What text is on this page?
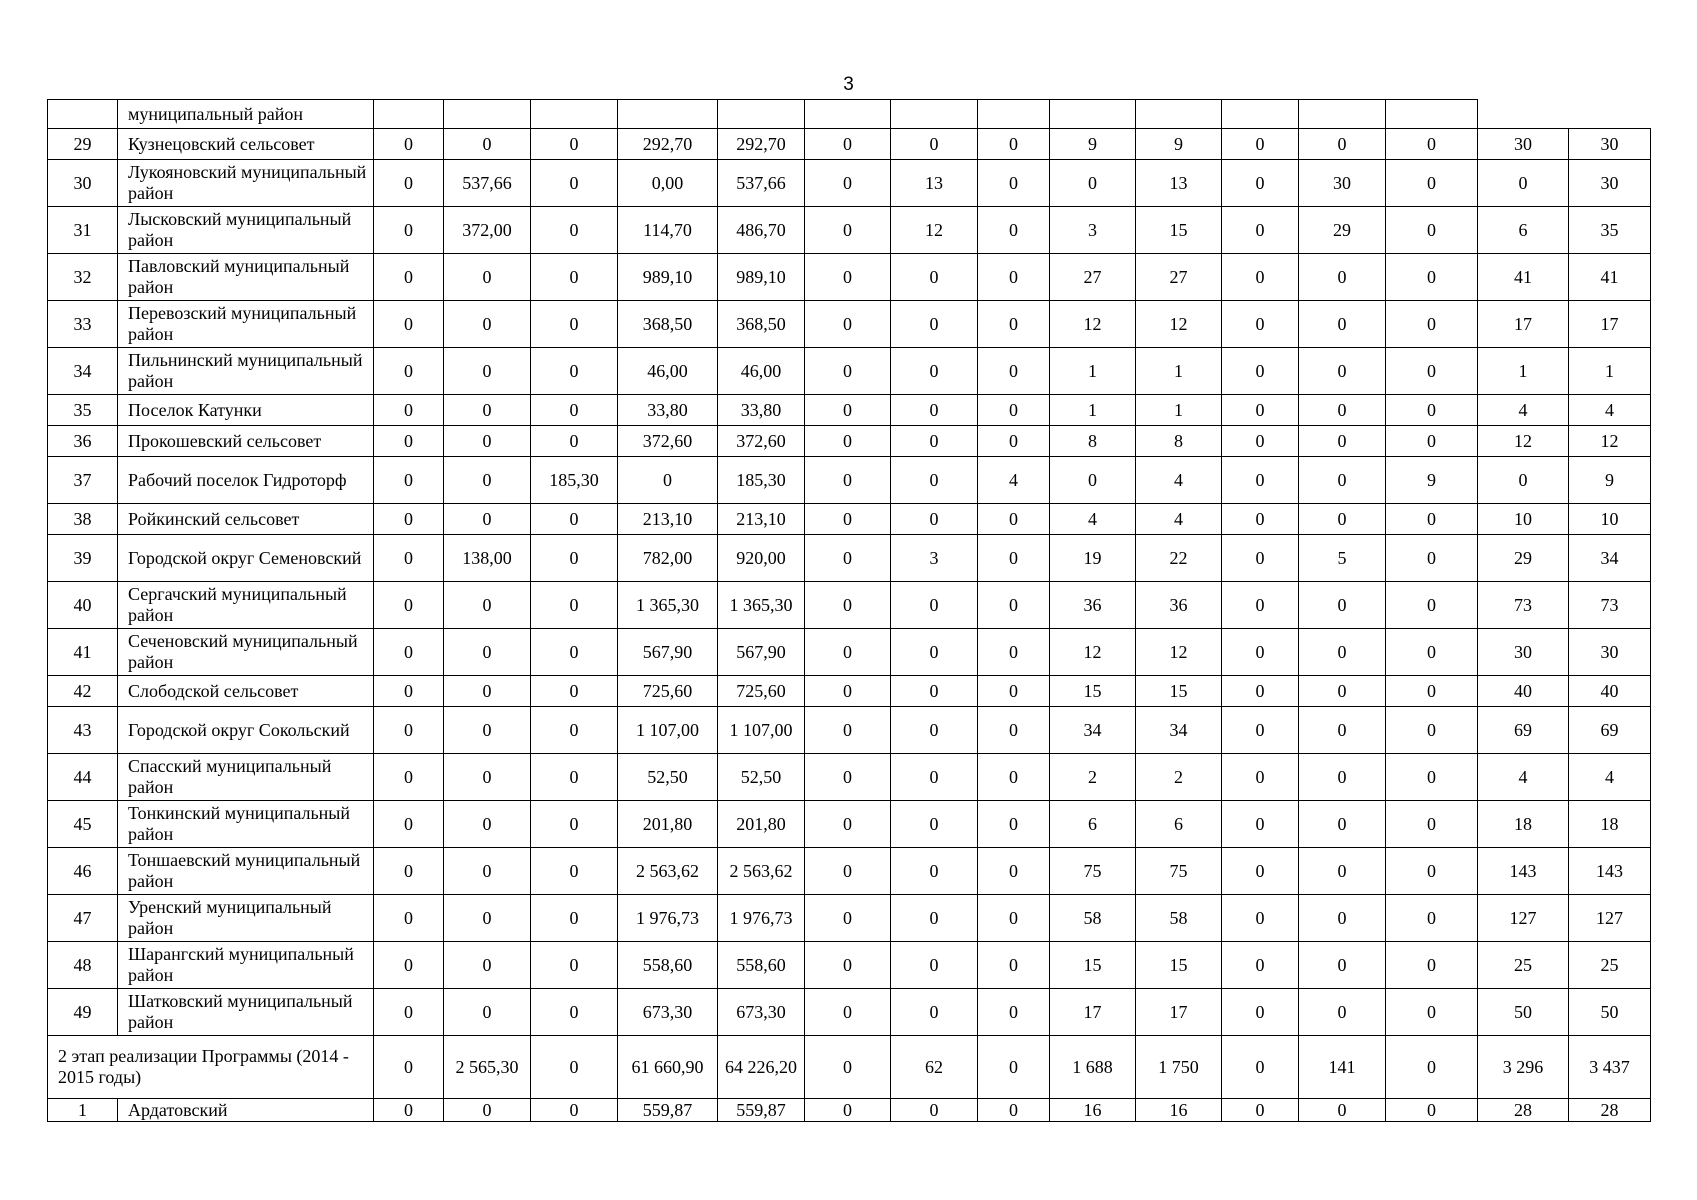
3
	муниципальный район															
29	Кузнецовский сельсовет	0	0	0	292,70	292,70	0	0	0	9	9	0	0	0	30	30
30	Лукояновский муниципальный район	0	537,66	0	0,00	537,66	0	13	0	0	13	0	30	0	0	30
31	Лысковский муниципальный район	0	372,00	0	114,70	486,70	0	12	0	3	15	0	29	0	6	35
32	Павловский муниципальный район	0	0	0	989,10	989,10	0	0	0	27	27	0	0	0	41	41
33	Перевозский муниципальный район	0	0	0	368,50	368,50	0	0	0	12	12	0	0	0	17	17
34	Пильнинский муниципальный район	0	0	0	46,00	46,00	0	0	0	1	1	0	0	0	1	1
35	Поселок Катунки	0	0	0	33,80	33,80	0	0	0	1	1	0	0	0	4	4
36	Прокошевский сельсовет	0	0	0	372,60	372,60	0	0	0	8	8	0	0	0	12	12
37	Рабочий поселок Гидроторф	0	0	185,30	0	185,30	0	0	4	0	4	0	0	9	0	9
38	Ройкинский сельсовет	0	0	0	213,10	213,10	0	0	0	4	4	0	0	0	10	10
39	Городской округ Семеновский	0	138,00	0	782,00	920,00	0	3	0	19	22	0	5	0	29	34
40	Сергачский муниципальный район	0	0	0	1 365,30	1 365,30	0	0	0	36	36	0	0	0	73	73
41	Сеченовский муниципальный район	0	0	0	567,90	567,90	0	0	0	12	12	0	0	0	30	30
42	Слободской сельсовет	0	0	0	725,60	725,60	0	0	0	15	15	0	0	0	40	40
43	Городской округ Сокольский	0	0	0	1 107,00	1 107,00	0	0	0	34	34	0	0	0	69	69
44	Спасский муниципальный район	0	0	0	52,50	52,50	0	0	0	2	2	0	0	0	4	4
45	Тонкинский муниципальный район	0	0	0	201,80	201,80	0	0	0	6	6	0	0	0	18	18
46	Тоншаевский муниципальный район	0	0	0	2 563,62	2 563,62	0	0	0	75	75	0	0	0	143	143
47	Уренский муниципальный район	0	0	0	1 976,73	1 976,73	0	0	0	58	58	0	0	0	127	127
48	Шарангский муниципальный район	0	0	0	558,60	558,60	0	0	0	15	15	0	0	0	25	25
49	Шатковский муниципальный район	0	0	0	673,30	673,30	0	0	0	17	17	0	0	0	50	50
2 этап реализации Программы (2014 - 2015 годы)		0	2 565,30	0	61 660,90	64 226,20	0	62	0	1 688	1 750	0	141	0	3 296	3 437
1	Ардатовский	0	0	0	559,87	559,87	0	0	0	16	16	0	0	0	28	28
